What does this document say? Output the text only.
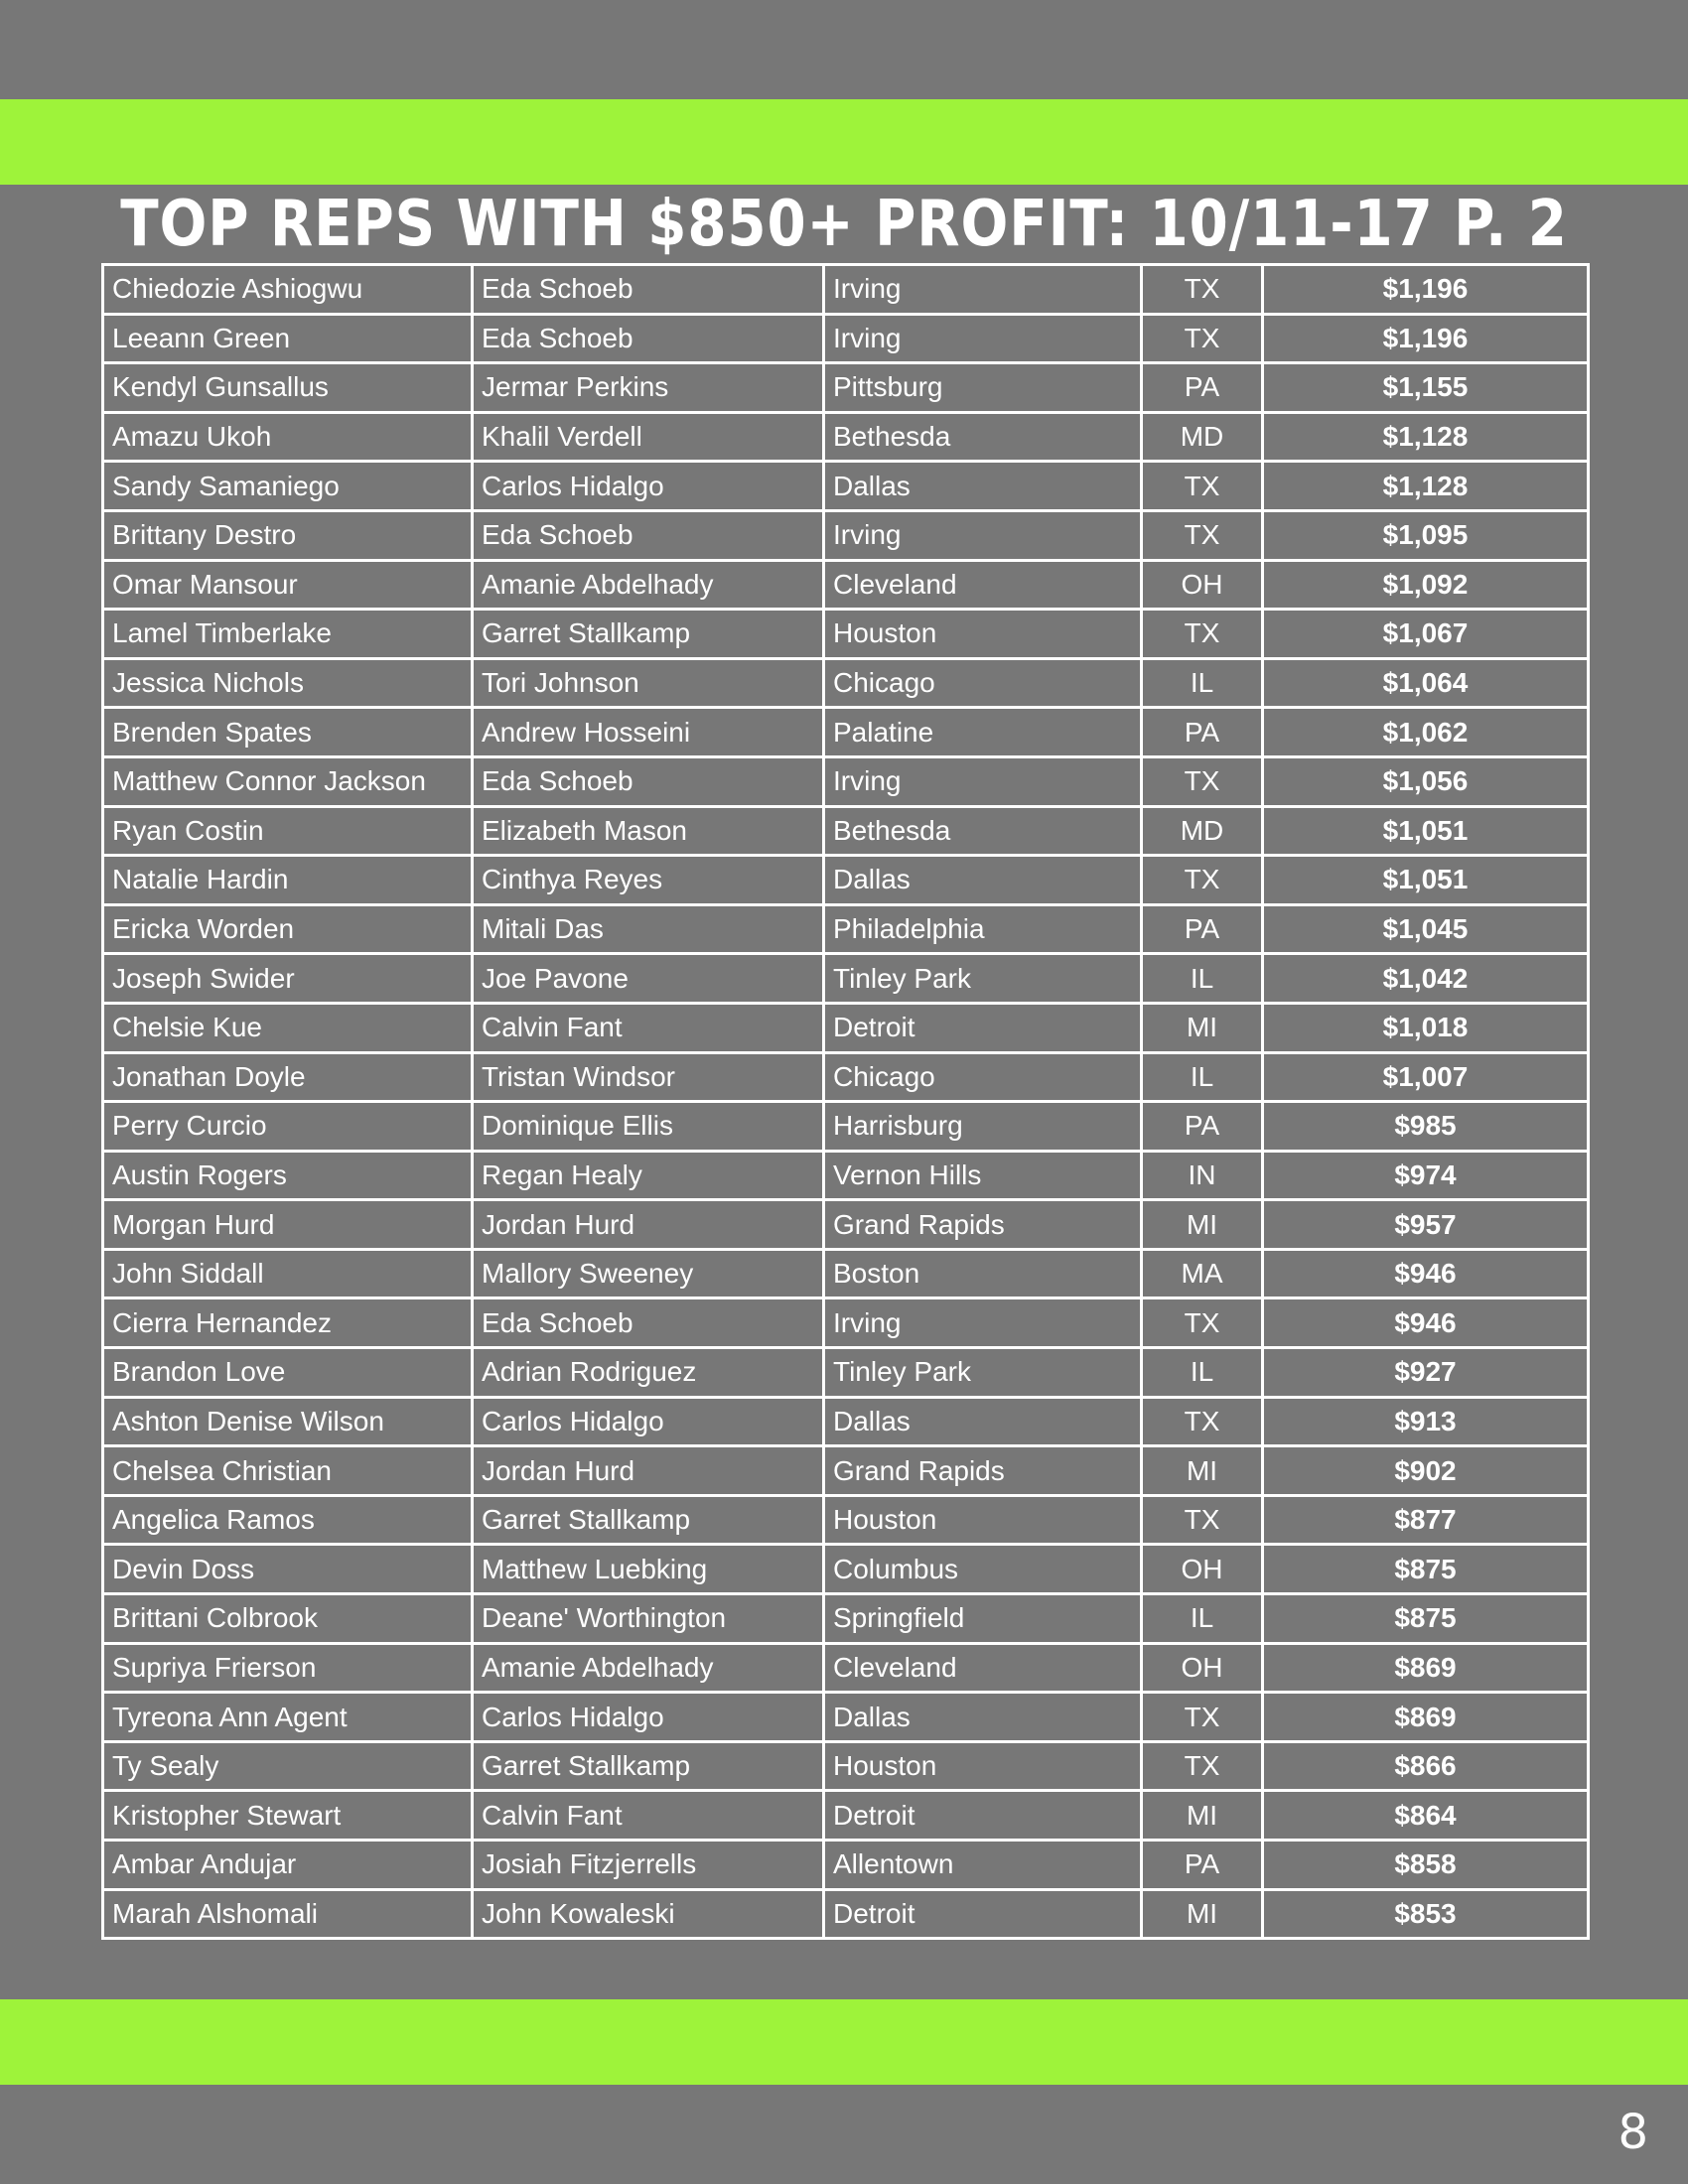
TOP REPS WITH $850+ PROFIT: 10/11-17 P. 2
Chiedozie Ashiogwu	Eda Schoeb	Irving	TX	$1,196
Leeann Green	Eda Schoeb	Irving	TX	$1,196
Kendyl Gunsallus	Jermar Perkins	Pittsburg	PA	$1,155
Amazu Ukoh	Khalil Verdell	Bethesda	MD	$1,128
Sandy Samaniego	Carlos Hidalgo	Dallas	TX	$1,128
Brittany Destro	Eda Schoeb	Irving	TX	$1,095
Omar Mansour	Amanie Abdelhady	Cleveland	OH	$1,092
Lamel Timberlake	Garret Stallkamp	Houston	TX	$1,067
Jessica Nichols	Tori Johnson	Chicago	IL	$1,064
Brenden Spates	Andrew Hosseini	Palatine	PA	$1,062
Matthew Connor Jackson	Eda Schoeb	Irving	TX	$1,056
Ryan Costin	Elizabeth Mason	Bethesda	MD	$1,051
Natalie Hardin	Cinthya Reyes	Dallas	TX	$1,051
Ericka Worden	Mitali Das	Philadelphia	PA	$1,045
Joseph Swider	Joe Pavone	Tinley Park	IL	$1,042
Chelsie Kue	Calvin Fant	Detroit	MI	$1,018
Jonathan Doyle	Tristan Windsor	Chicago	IL	$1,007
Perry Curcio	Dominique Ellis	Harrisburg	PA	$985
Austin Rogers	Regan Healy	Vernon Hills	IN	$974
Morgan Hurd	Jordan Hurd	Grand Rapids	MI	$957
John Siddall	Mallory Sweeney	Boston	MA	$946
Cierra Hernandez	Eda Schoeb	Irving	TX	$946
Brandon Love	Adrian Rodriguez	Tinley Park	IL	$927
Ashton Denise Wilson	Carlos Hidalgo	Dallas	TX	$913
Chelsea Christian	Jordan Hurd	Grand Rapids	MI	$902
Angelica Ramos	Garret Stallkamp	Houston	TX	$877
Devin Doss	Matthew Luebking	Columbus	OH	$875
Brittani Colbrook	Deane' Worthington	Springfield	IL	$875
Supriya Frierson	Amanie Abdelhady	Cleveland	OH	$869
Tyreona Ann Agent	Carlos Hidalgo	Dallas	TX	$869
Ty Sealy	Garret Stallkamp	Houston	TX	$866
Kristopher Stewart	Calvin Fant	Detroit	MI	$864
Ambar Andujar	Josiah Fitzjerrells	Allentown	PA	$858
Marah Alshomali	John Kowaleski	Detroit	MI	$853
8
